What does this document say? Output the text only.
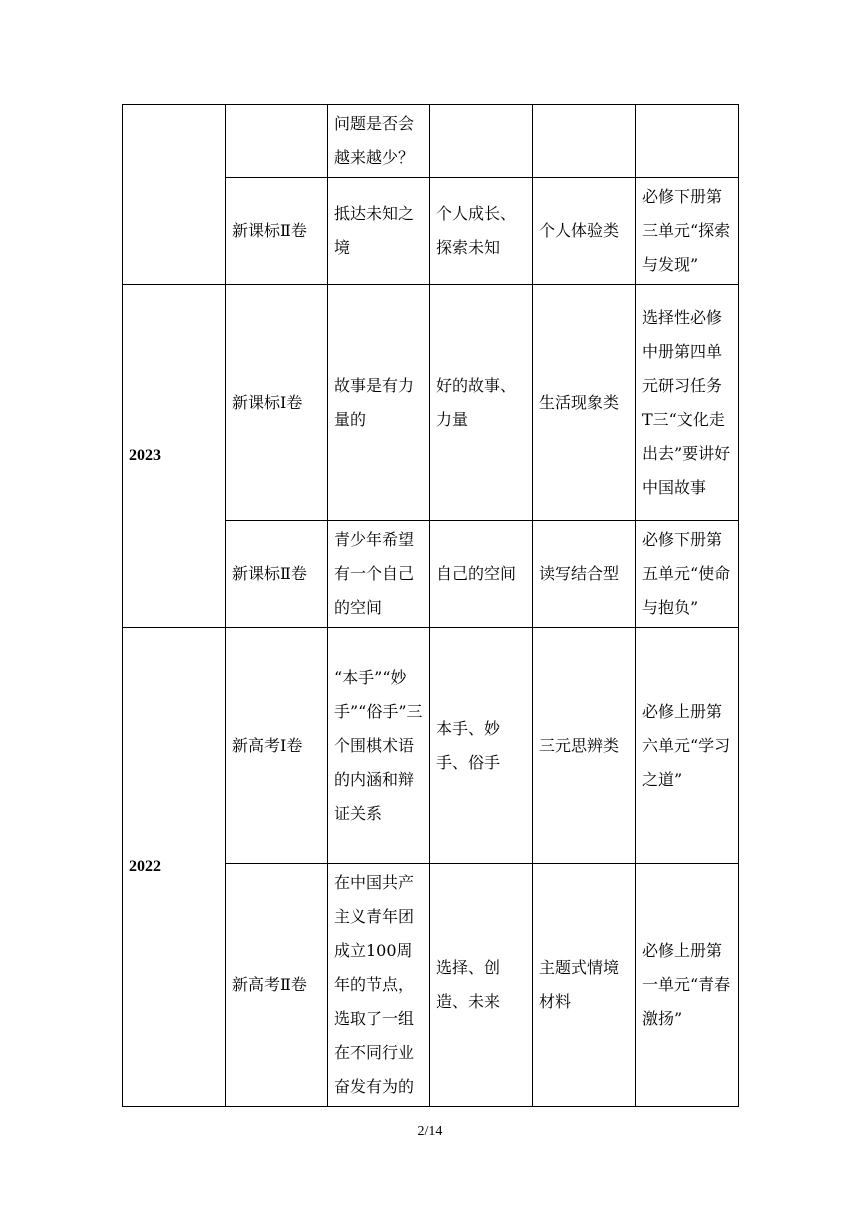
		问题是否会越来越少？			
	新课标Ⅱ卷	抵达未知之境	个人成长、探索未知	个人体验类	必修下册第三单元“探索与发现”
2023	新课标Ⅰ卷	故事是有力量的	好的故事、力量	生活现象类	选择性必修中册第四单元研习任务T三“文化走出去”要讲好中国故事
	新课标Ⅱ卷	青少年希望有一个自己的空间	自己的空间	读写结合型	必修下册第五单元“使命与抱负”
2022	新高考Ⅰ卷	“本手”“妙手”“俗手”三个围棋术语的内涵和辩证关系	本手、妙手、俗手	三元思辨类	必修上册第六单元“学习之道”
	新高考Ⅱ卷	在中国共产主义青年团成立100周年的节点，选取了一组在不同行业奋发有为的	选择、创造、未来	主题式情境材料	必修上册第一单元“青春激扬”
2/14
